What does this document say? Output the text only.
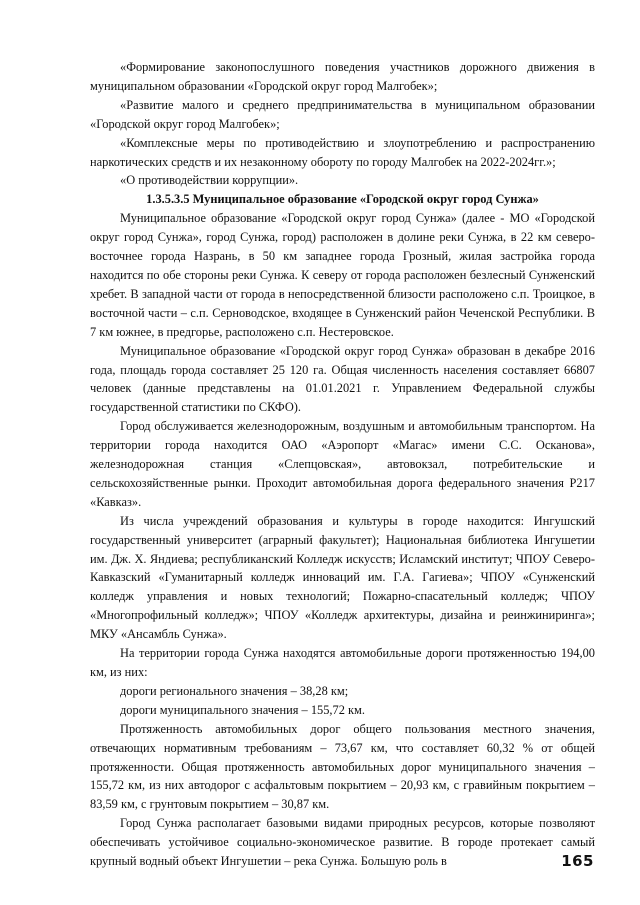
«Формирование законопослушного поведения участников дорожного движения в муниципальном образовании «Городской округ город Малгобек»;

«Развитие малого и среднего предпринимательства в муниципальном образовании «Городской округ город Малгобек»;

«Комплексные меры по противодействию и злоупотреблению и распространению наркотических средств и их незаконному обороту по городу Малгобек на 2022-2024гг.»;

«О противодействии коррупции».

1.3.5.3.5 Муниципальное образование «Городской округ город Сунжа»

Муниципальное образование «Городской округ город Сунжа» (далее - МО «Городской округ город Сунжа», город Сунжа, город) расположен в долине реки Сунжа, в 22 км северо-восточнее города Назрань, в 50 км западнее города Грозный, жилая застройка города находится по обе стороны реки Сунжа. К северу от города расположен безлесный Сунженский хребет. В западной части от города в непосредственной близости расположено с.п. Троицкое, в восточной части – с.п. Серноводское, входящее в Сунженский район Чеченской Республики. В 7 км южнее, в предгорье, расположено с.п. Нестеровское.

Муниципальное образование «Городской округ город Сунжа» образован в декабре 2016 года, площадь города составляет 25 120 га. Общая численность населения составляет 66807 человек (данные представлены на 01.01.2021 г. Управлением Федеральной службы государственной статистики по СКФО).

Город обслуживается железнодорожным, воздушным и автомобильным транспортом. На территории города находится ОАО «Аэропорт «Магас» имени С.С. Осканова», железнодорожная станция «Слепцовская», автовокзал, потребительские и сельскохозяйственные рынки. Проходит автомобильная дорога федерального значения Р217 «Кавказ».

Из числа учреждений образования и культуры в городе находится: Ингушский государственный университет (аграрный факультет); Национальная библиотека Ингушетии им. Дж. Х. Яндиева; республиканский Колледж искусств; Исламский институт; ЧПОУ Северо-Кавказский «Гуманитарный колледж инноваций им. Г.А. Гагиева»; ЧПОУ «Сунженский колледж управления и новых технологий; Пожарно-спасательный колледж; ЧПОУ «Многопрофильный колледж»; ЧПОУ «Колледж архитектуры, дизайна и реинжиниринга»; МКУ «Ансамбль Сунжа».

На территории города Сунжа находятся автомобильные дороги протяженностью 194,00 км, из них:

дороги регионального значения – 38,28 км;

дороги муниципального значения – 155,72 км.

Протяженность автомобильных дорог общего пользования местного значения, отвечающих нормативным требованиям – 73,67 км, что составляет 60,32 % от общей протяженности. Общая протяженность автомобильных дорог муниципального значения – 155,72 км, из них автодорог с асфальтовым покрытием – 20,93 км, с гравийным покрытием – 83,59 км, с грунтовым покрытием – 30,87 км.

Город Сунжа располагает базовыми видами природных ресурсов, которые позволяют обеспечивать устойчивое социально-экономическое развитие. В городе протекает самый крупный водный объект Ингушетии – река Сунжа. Большую роль в	165
